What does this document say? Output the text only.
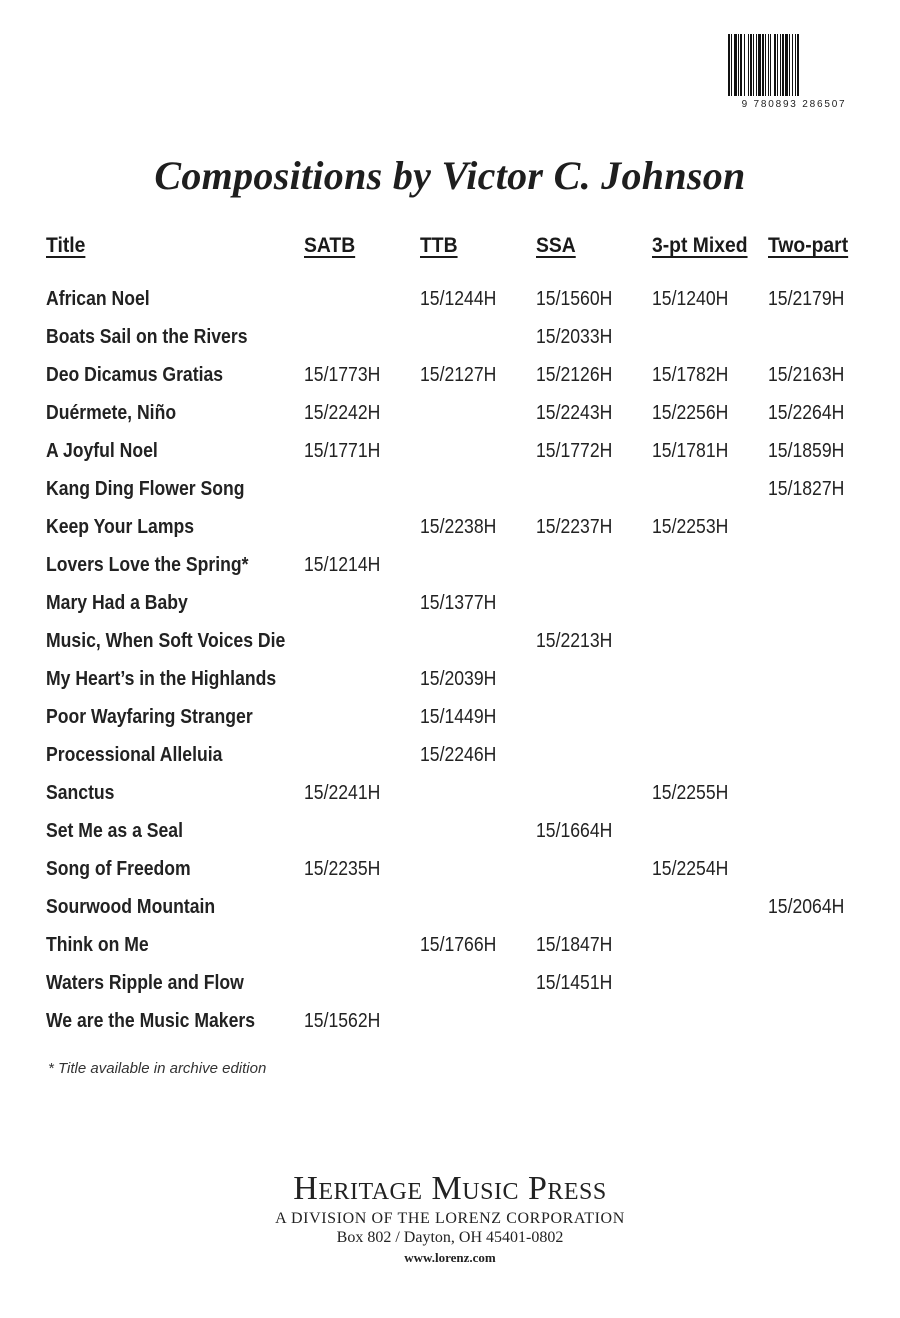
9 780893 286507
Compositions by Victor C. Johnson
Title	SATB	TTB	SSA	3-pt Mixed	Two-part
African Noel		15/1244H	15/1560H	15/1240H	15/2179H
Boats Sail on the Rivers			15/2033H		
Deo Dicamus Gratias	15/1773H	15/2127H	15/2126H	15/1782H	15/2163H
Duérmete, Niño	15/2242H		15/2243H	15/2256H	15/2264H
A Joyful Noel	15/1771H		15/1772H	15/1781H	15/1859H
Kang Ding Flower Song					15/1827H
Keep Your Lamps		15/2238H	15/2237H	15/2253H	
Lovers Love the Spring*	15/1214H				
Mary Had a Baby		15/1377H			
Music, When Soft Voices Die			15/2213H		
My Heart’s in the Highlands		15/2039H			
Poor Wayfaring Stranger		15/1449H			
Processional Alleluia		15/2246H			
Sanctus	15/2241H			15/2255H	
Set Me as a Seal			15/1664H		
Song of Freedom	15/2235H			15/2254H	
Sourwood Mountain					15/2064H
Think on Me		15/1766H	15/1847H		
Waters Ripple and Flow			15/1451H		
We are the Music Makers	15/1562H				
* Title available in archive edition
Heritage Music Press
A DIVISION OF THE LORENZ CORPORATION
Box 802 / Dayton, OH 45401-0802
www.lorenz.com
